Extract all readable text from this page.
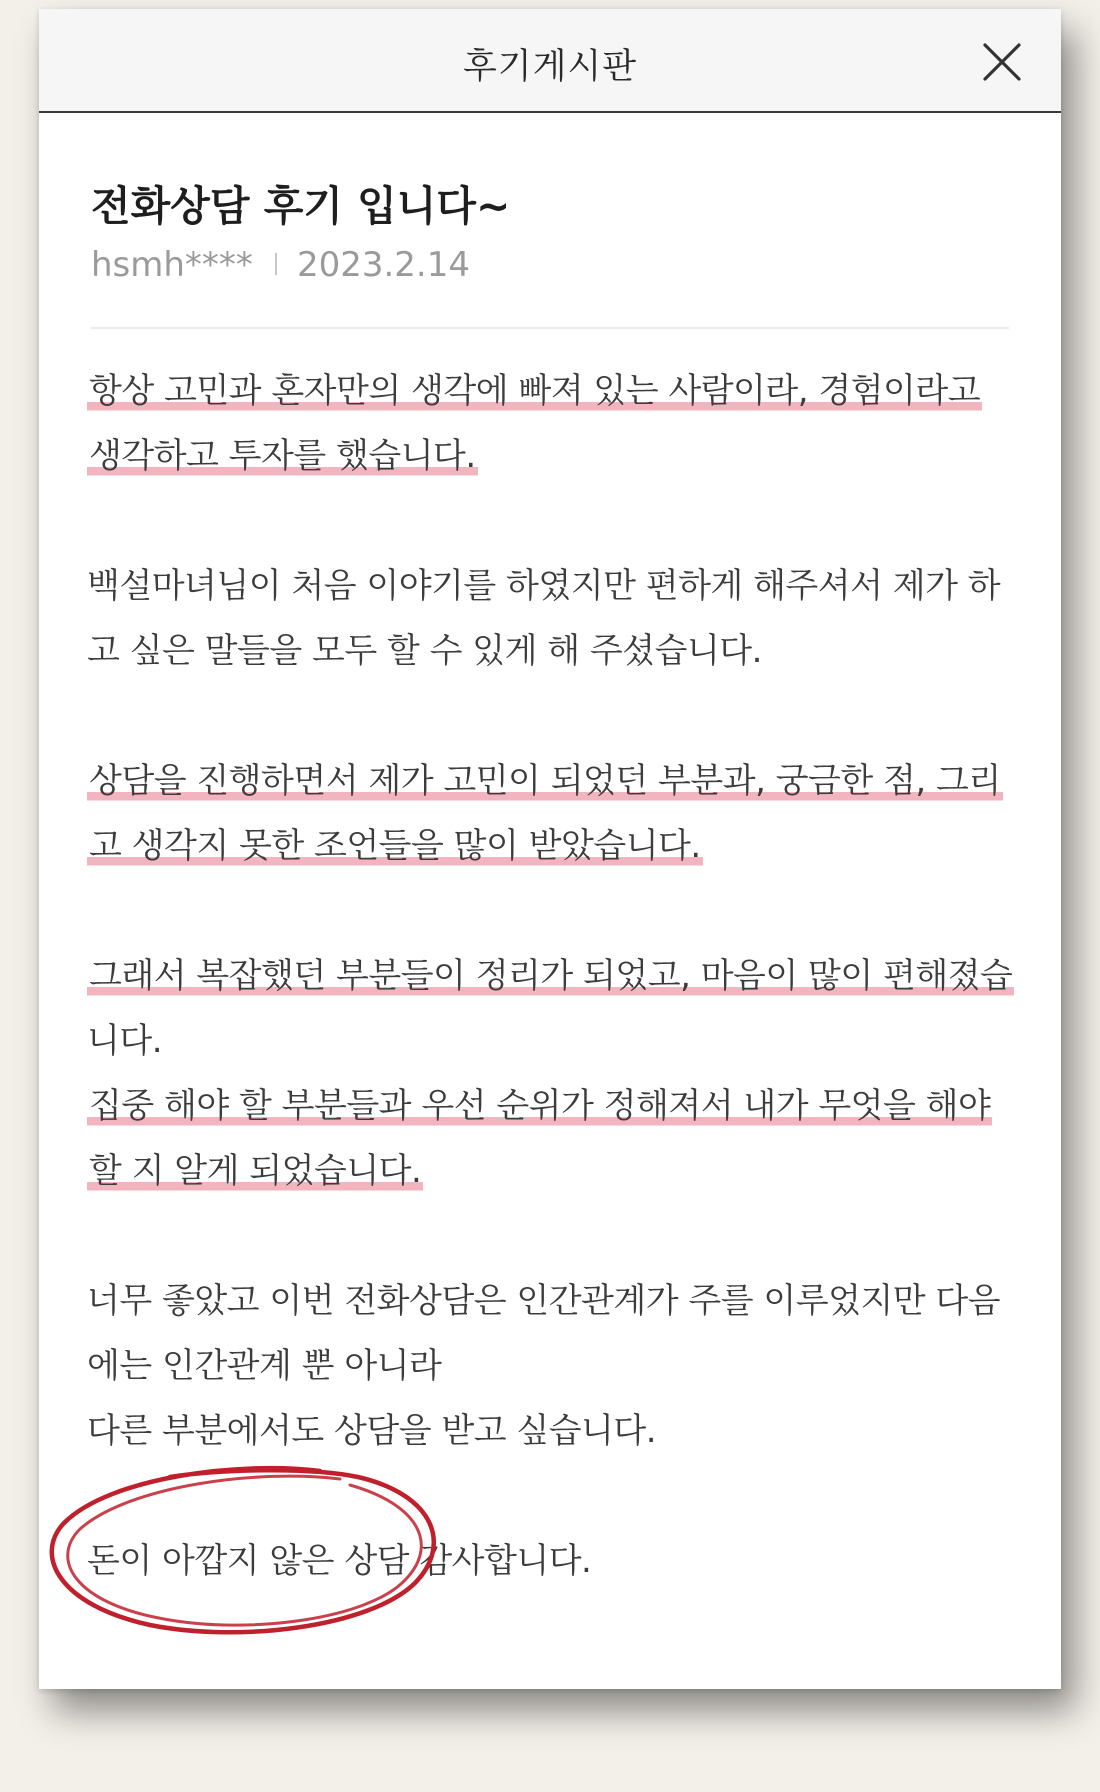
후기게시판
전화상담 후기 입니다~
hsmh**** 2023.2.14
항상 고민과 혼자만의 생각에 빠져 있는 사람이라, 경험이라고
생각하고 투자를 했습니다.
백설마녀님이 처음 이야기를 하였지만 편하게 해주셔서 제가 하
고 싶은 말들을 모두 할 수 있게 해 주셨습니다.
상담을 진행하면서 제가 고민이 되었던 부분과, 궁금한 점, 그리
고 생각지 못한 조언들을 많이 받았습니다.
그래서 복잡했던 부분들이 정리가 되었고, 마음이 많이 편해졌습
니다.
집중 해야 할 부분들과 우선 순위가 정해져서 내가 무엇을 해야
할 지 알게 되었습니다.
너무 좋았고 이번 전화상담은 인간관계가 주를 이루었지만 다음
에는 인간관계 뿐 아니라
다른 부분에서도 상담을 받고 싶습니다.
돈이 아깝지 않은 상담 감사합니다.
